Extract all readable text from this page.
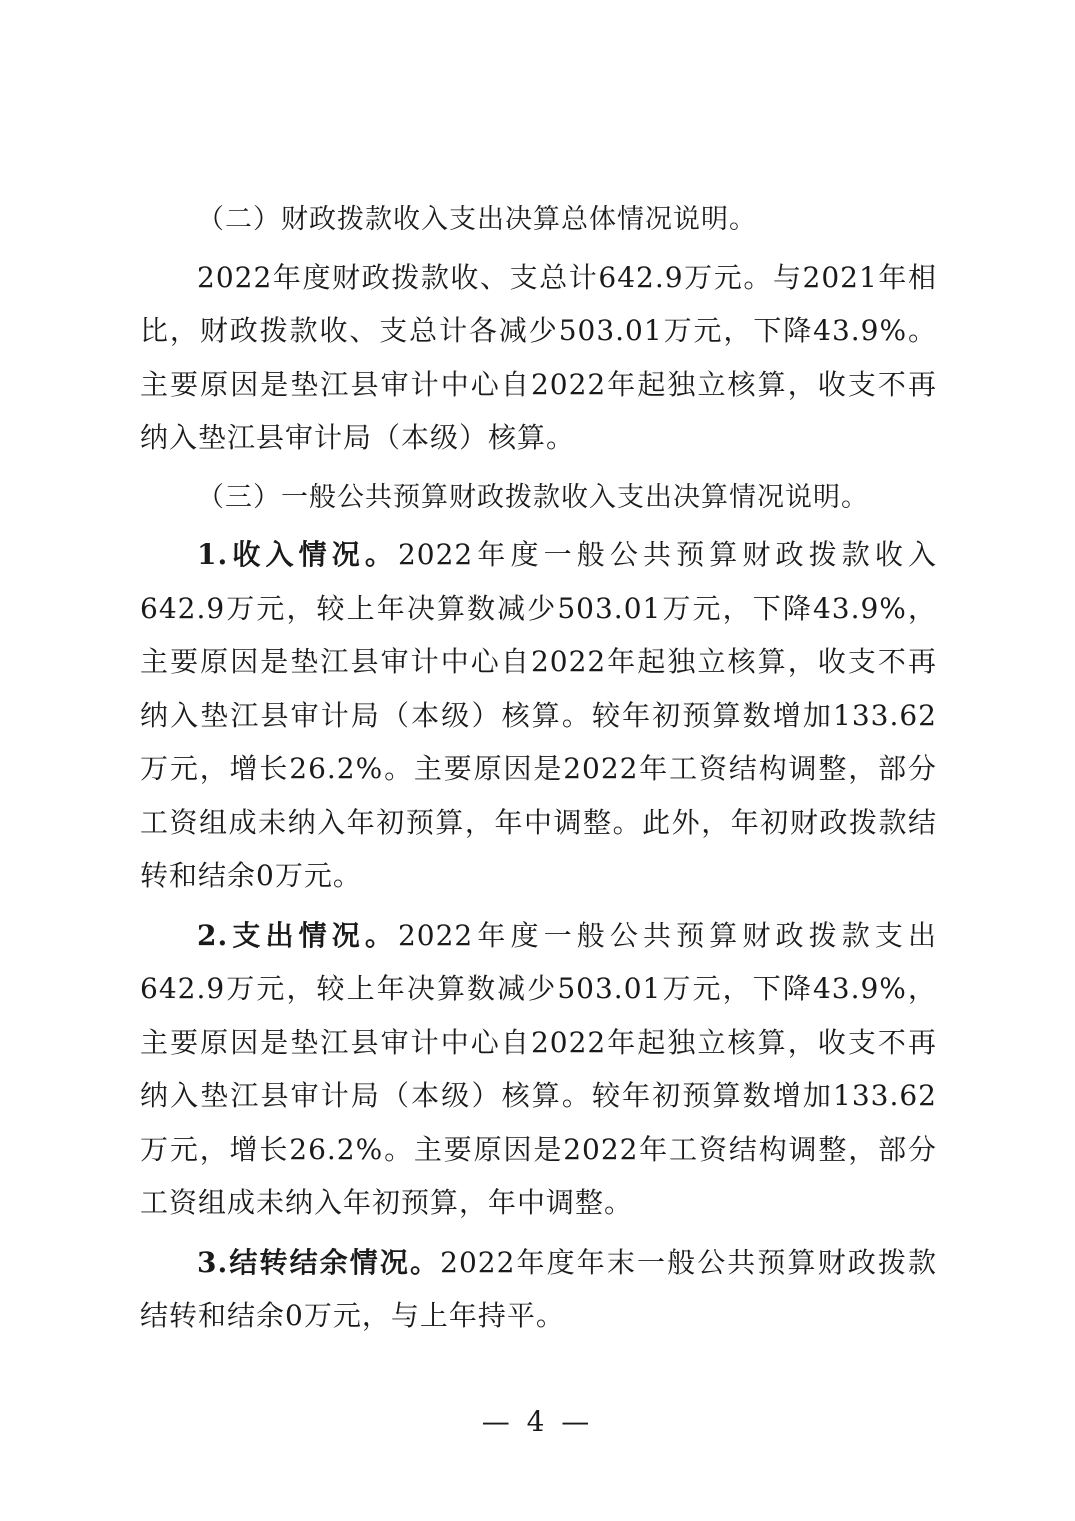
（二）财政拨款收入支出决算总体情况说明。

2022年度财政拨款收、支总计642.9万元。与2021年相比，财政拨款收、支总计各减少503.01万元，下降43.9%。主要原因是垫江县审计中心自2022年起独立核算，收支不再纳入垫江县审计局（本级）核算。

（三）一般公共预算财政拨款收入支出决算情况说明。

1.收入情况。2022年度一般公共预算财政拨款收入642.9万元，较上年决算数减少503.01万元，下降43.9%，主要原因是垫江县审计中心自2022年起独立核算，收支不再纳入垫江县审计局（本级）核算。较年初预算数增加133.62万元，增长26.2%。主要原因是2022年工资结构调整，部分工资组成未纳入年初预算，年中调整。此外，年初财政拨款结转和结余0万元。

2.支出情况。2022年度一般公共预算财政拨款支出642.9万元，较上年决算数减少503.01万元，下降43.9%，主要原因是垫江县审计中心自2022年起独立核算，收支不再纳入垫江县审计局（本级）核算。较年初预算数增加133.62万元，增长26.2%。主要原因是2022年工资结构调整，部分工资组成未纳入年初预算，年中调整。

3.结转结余情况。2022年度年末一般公共预算财政拨款结转和结余0万元，与上年持平。

— 4 —
